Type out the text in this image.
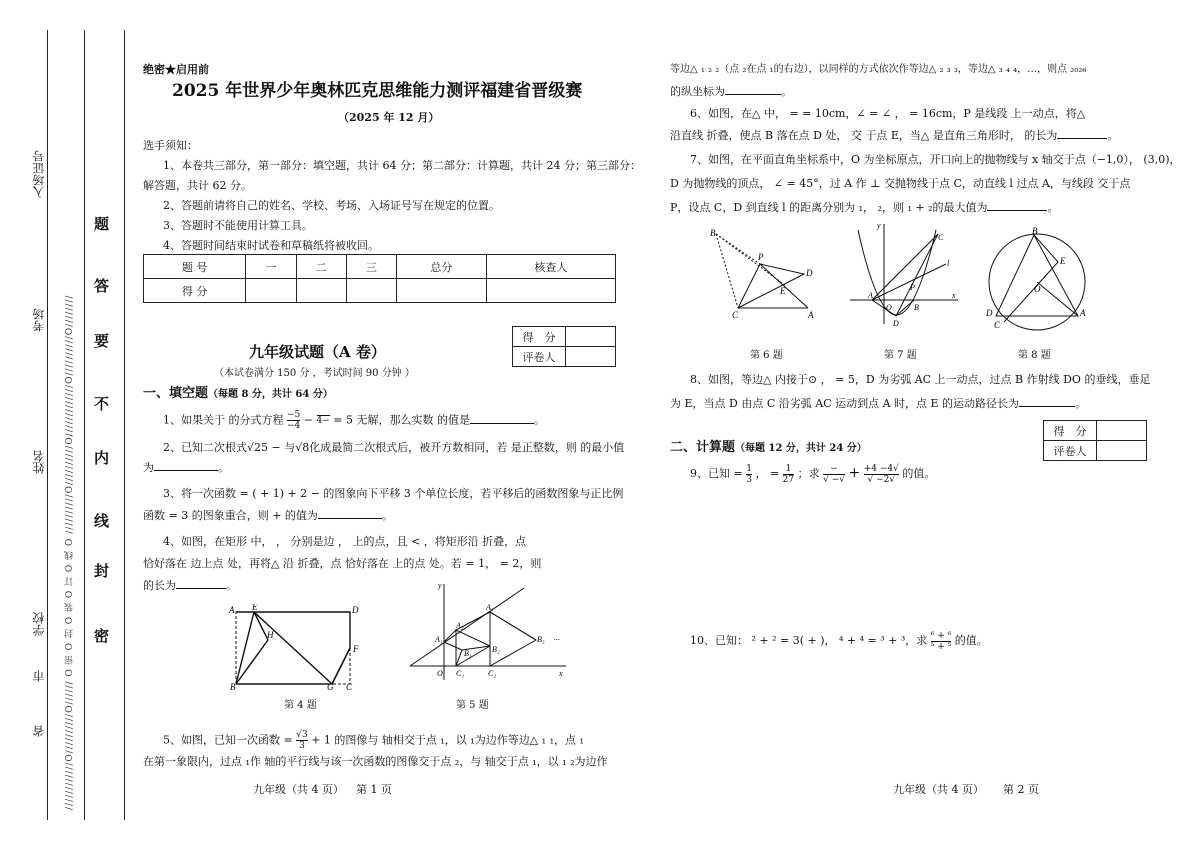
////////////O//////////O////// O 密 O 封 O 装 O 订 O 线 O //////////O//////////O/////////////O//////////O////////
省
市
学校
姓名
考场
入场证号
密
封
线
内
不
要
答
题
绝密★启用前
2025 年世界少年奥林匹克思维能力测评福建省晋级赛
（2025 年 12 月）
选手须知：
1、本卷共三部分，第一部分：填空题，共计 64 分；第二部分：计算题，共计 24 分；第三部分：
解答题，共计 62 分。
2、答题前请将自己的姓名、学校、考场、入场证号写在规定的位置。
3、答题时不能使用计算工具。
4、答题时间结束时试卷和草稿纸将被收回。
题 号	一	二	三	总分	核查人
得 分					
得　分	
评卷人	
九年级试题（A 卷）
（本试卷满分 150 分 ，考试时间 90 分钟 ）
一、填空题（每题 8 分，共计 64 分）
1、如果关于 的分式方程 $\frac{-5}{-4} - 4- = 5$ 无解，那么实数 的值是	。
2、已知二次根式√25 − 与√8化成最简二次根式后，被开方数相同，若 是正整数，则 的最小值
为	。
3、将一次函数 = ( + 1) + 2 − 的图象向下平移 3 个单位长度，若平移后的函数图象与正比例
函数 = 3 的图象重合，则 + 的值为	。
4、如图，在矩形 中， ， 分别是边 ， 上的点，且 < ，将矩形沿 折叠，点
恰好落在 边上点 处，再将△ 沿 折叠，点 恰好落在 上的点 处。若 = 1， = 2，则
的长为	。
A E	D
H
F
B	G C
第 4 题
y
A₃
A₂
A₁	B₃
B₂
B₁
O C₁	C₂	x
...
第 5 题
5、如图，已知一次函数 = $\frac{√3}{3} + 1$ 的图像与 轴相交于点 ₁，以 ₁为边作等边△ ₁ ₁，点 ₁
在第一象限内，过点 ₁作 轴的平行线与该一次函数的图像交于点 ₂，与 轴交于点 ₁，以 ₁ ₂为边作
九年级（共 4 页） 第 1 页
等边△ ₁ ₂ ₂（点 ₂在点 ₁的右边），以同样的方式依次作等边△ ₂ ₃ ₃，等边△ ₃ ₄ ₄，…，则点 ₂₀₂₆
的纵坐标为	。
6、如图，在△ 中， = = 10cm，∠ = ∠ ， = 16cm，P 是线段 上一动点，将△
沿直线 折叠，使点 B 落在点 D 处， 交 于点 E，当△ 是直角三角形时， 的长为	。
7、如图，在平面直角坐标系中，O 为坐标原点，开口向上的抛物线与 x 轴交于点（−1,0）， (3,0)，
D 为抛物线的顶点， ∠ = 45°，过 A 作 ⊥ 交抛物线于点 C，动直线 l 过点 A，与线段 交于点
P，设点 C，D 到直线 l 的距离分别为 ₁， ₂，则 ₁ + ₂的最大值为	。
B
P
D
E
C	A
第 6 题
y
C
l
P
A
O	B
x
D
第 7 题
B
E
O
D
C
A
第 8 题
8、如图，等边△ 内接于⊙ ， = 5，D 为劣弧 AC 上一动点，过点 B 作射线 DO 的垂线，垂足
为 E，当点 D 由点 C 沿劣弧 AC 运动到点 A 时，点 E 的运动路径长为	。
得　分	
评卷人	
二、计算题（每题 12 分，共计 24 分）
9、已知 = $\frac{1}{3}$ ， = $\frac{1}{27}$ ；求 $\frac{-}{√ -√} + \frac{+4 -4√}{√ -2√}$ 的值。
10、已知： ² + ² = 3( + )， ⁴ + ⁴ = ³ + ³，求 $\frac{\text{⁶ + ⁶}}{\text{⁵ + ⁵}}$ 的值。
九年级（共 4 页） 第 2 页
